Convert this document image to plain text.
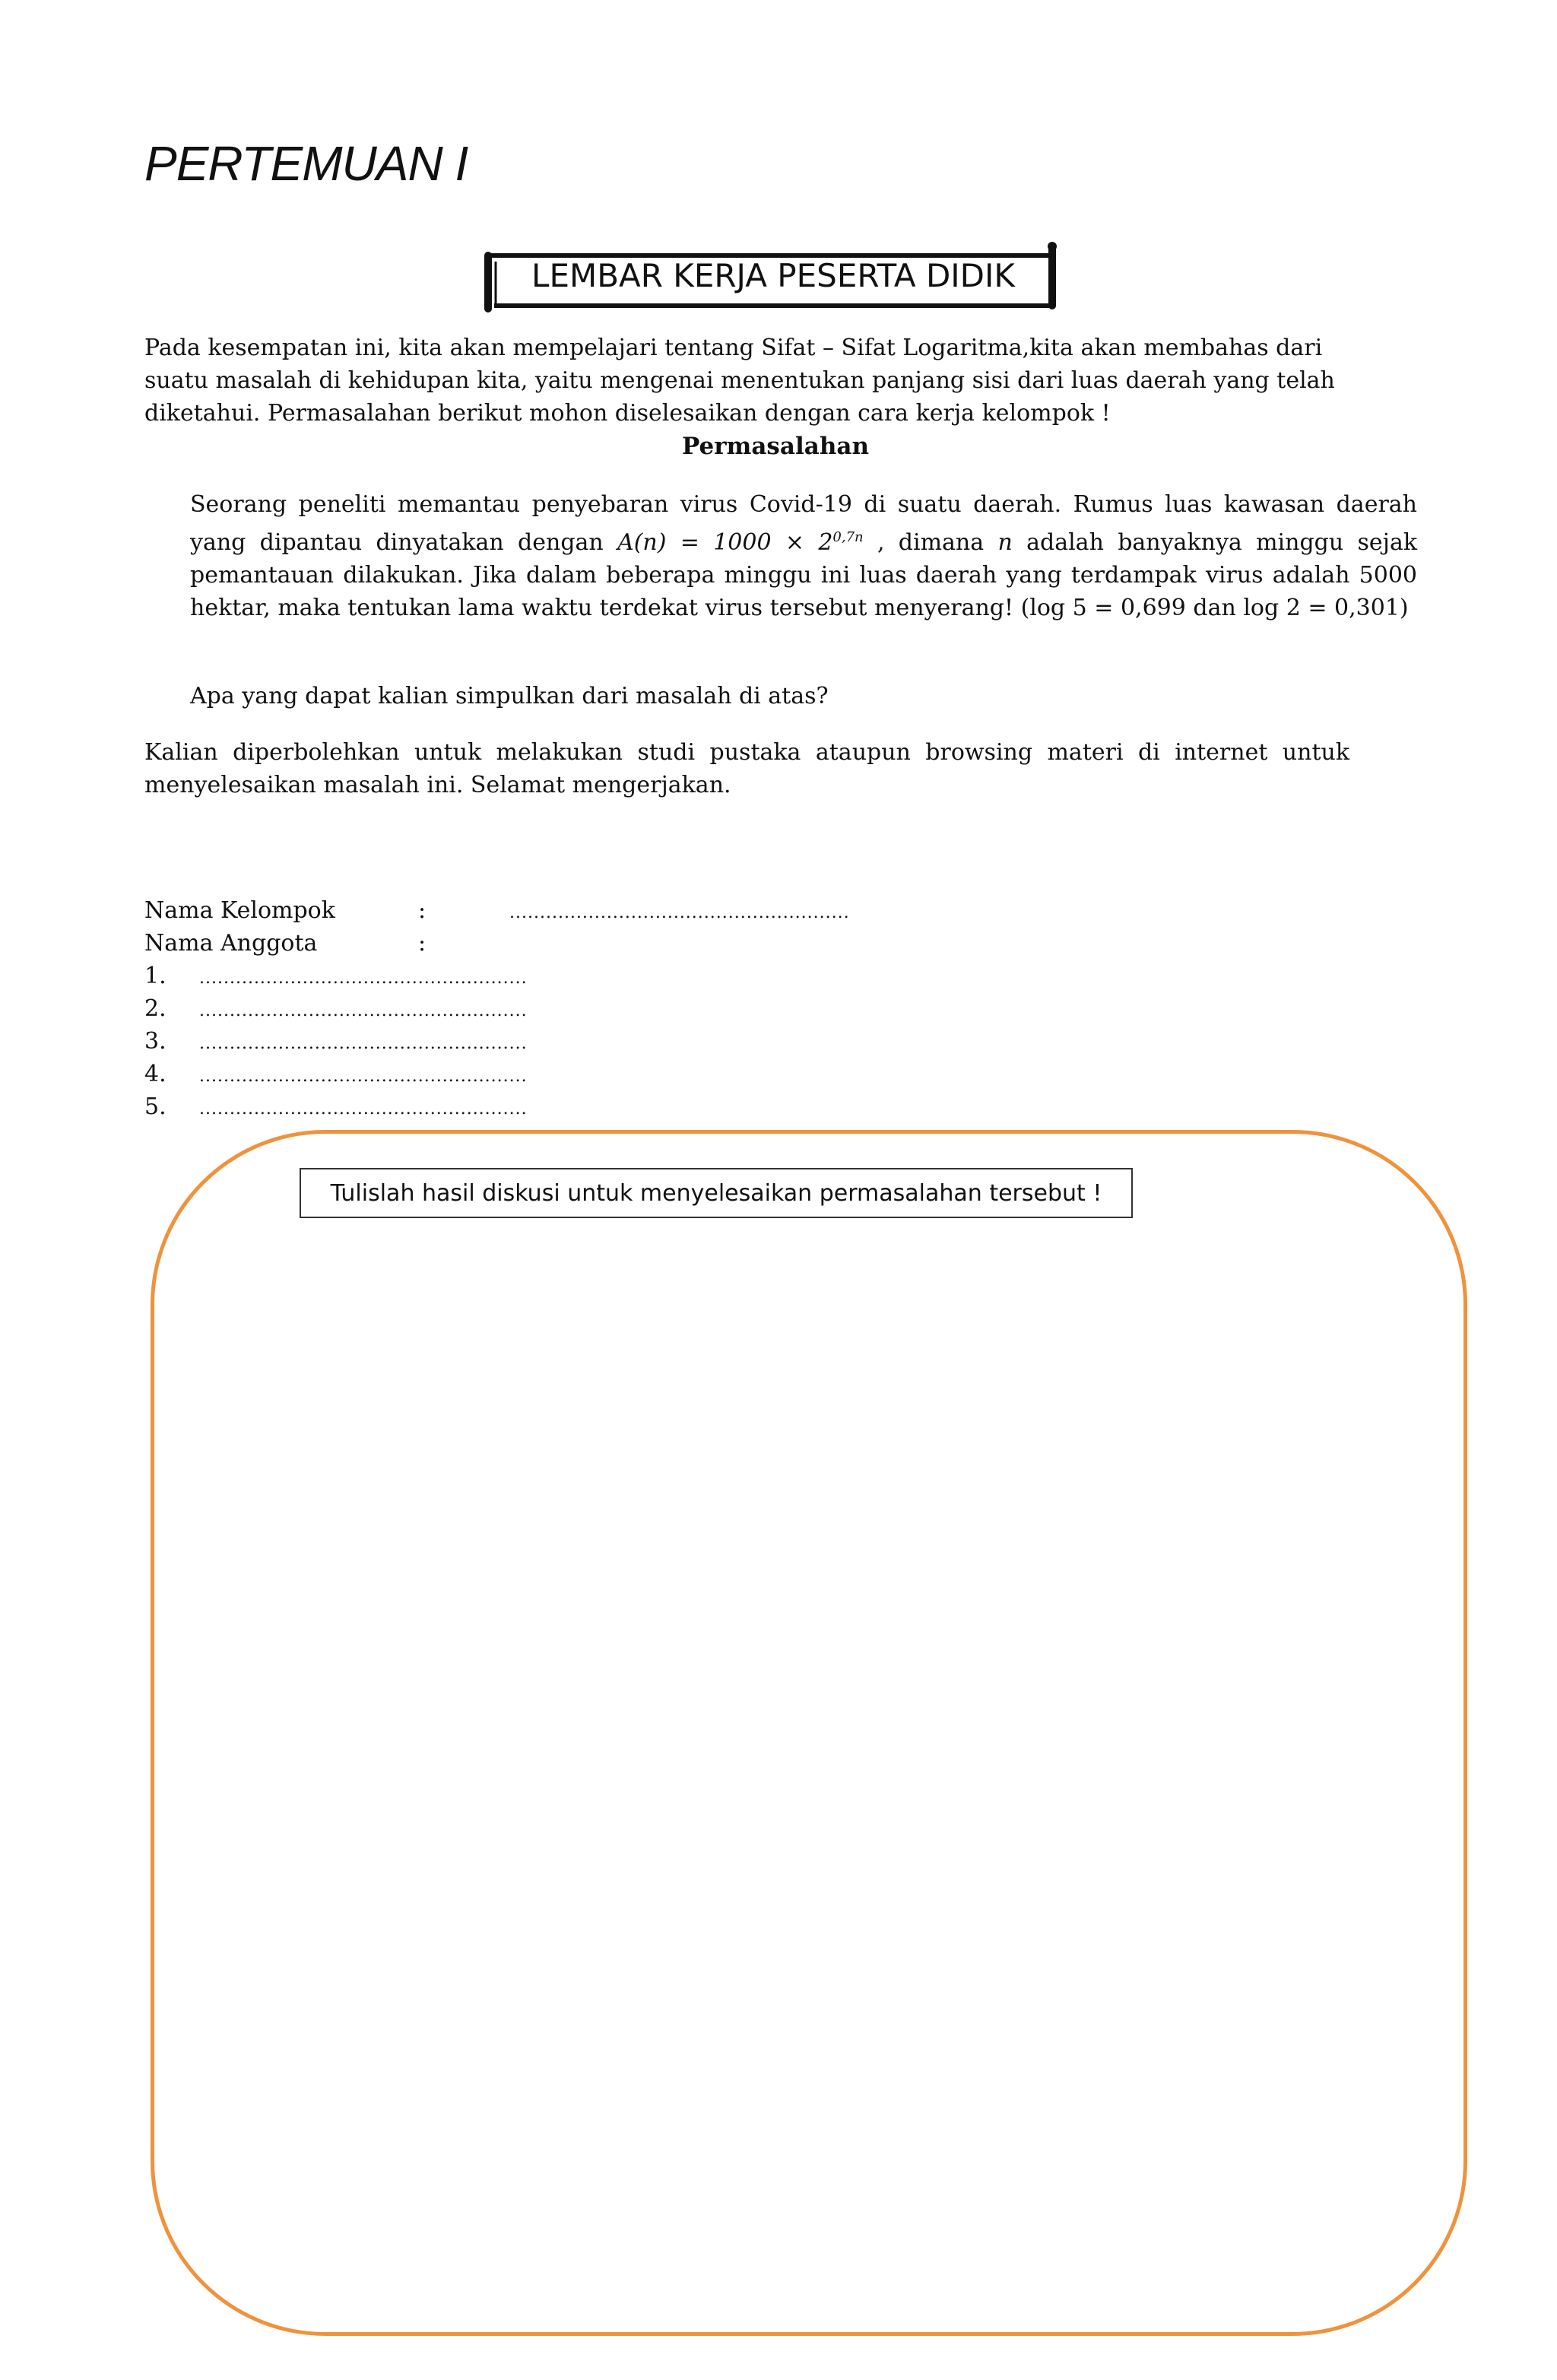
PERTEMUAN I
LEMBAR KERJA PESERTA DIDIK
Pada kesempatan ini, kita akan mempelajari tentang Sifat – Sifat Logaritma,kita akan membahas dari
suatu masalah di kehidupan kita, yaitu mengenai menentukan panjang sisi dari luas daerah yang telah
diketahui. Permasalahan berikut mohon diselesaikan dengan cara kerja kelompok !
Permasalahan
Seorang peneliti memantau penyebaran virus Covid-19 di suatu daerah. Rumus luas kawasan daerah yang dipantau dinyatakan dengan $A(n) = 1000 \times 2^{0,7n}$ , dimana n adalah banyaknya minggu sejak pemantauan dilakukan. Jika dalam beberapa minggu ini luas daerah yang terdampak virus adalah 5000 hektar, maka tentukan lama waktu terdekat virus tersebut menyerang! (log 5 = 0,699 dan log 2 = 0,301)
Apa yang dapat kalian simpulkan dari masalah di atas?
Kalian diperbolehkan untuk melakukan studi pustaka ataupun browsing materi di internet untuk menyelesaikan masalah ini. Selamat mengerjakan.
Nama Kelompok	:	........................................................
Nama Anggota	:
1. ......................................................
2. ......................................................
3. ......................................................
4. ......................................................
5. ......................................................
Tulislah hasil diskusi untuk menyelesaikan permasalahan tersebut !
